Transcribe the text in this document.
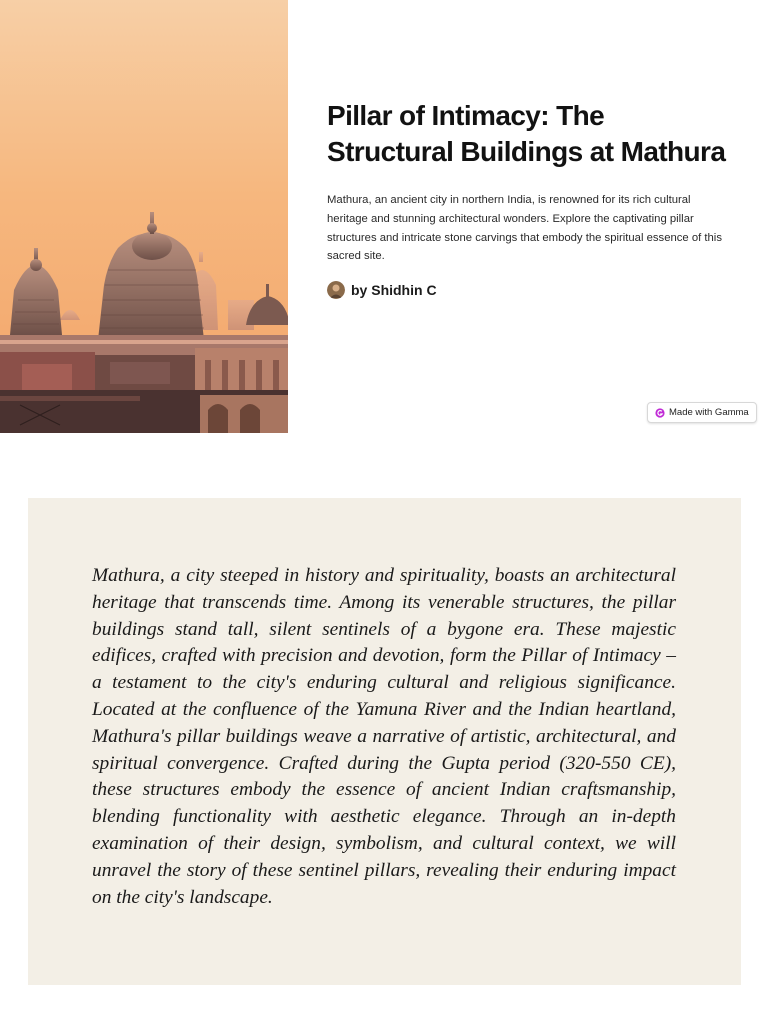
Pillar of Intimacy: The Structural Buildings at Mathura

Mathura, an ancient city in northern India, is renowned for its rich cultural heritage and stunning architectural wonders. Explore the captivating pillar structures and intricate stone carvings that embody the spiritual essence of this sacred site.

by Shidhin C
Made with Gamma

Mathura, a city steeped in history and spirituality, boasts an architectural heritage that transcends time. Among its venerable structures, the pillar buildings stand tall, silent sentinels of a bygone era. These majestic edifices, crafted with precision and devotion, form the Pillar of Intimacy – a testament to the city's enduring cultural and religious significance. Located at the confluence of the Yamuna River and the Indian heartland, Mathura's pillar buildings weave a narrative of artistic, architectural, and spiritual convergence. Crafted during the Gupta period (320-550 CE), these structures embody the essence of ancient Indian craftsmanship, blending functionality with aesthetic elegance. Through an in-depth examination of their design, symbolism, and cultural context, we will unravel the story of these sentinel pillars, revealing their enduring impact on the city's landscape.
